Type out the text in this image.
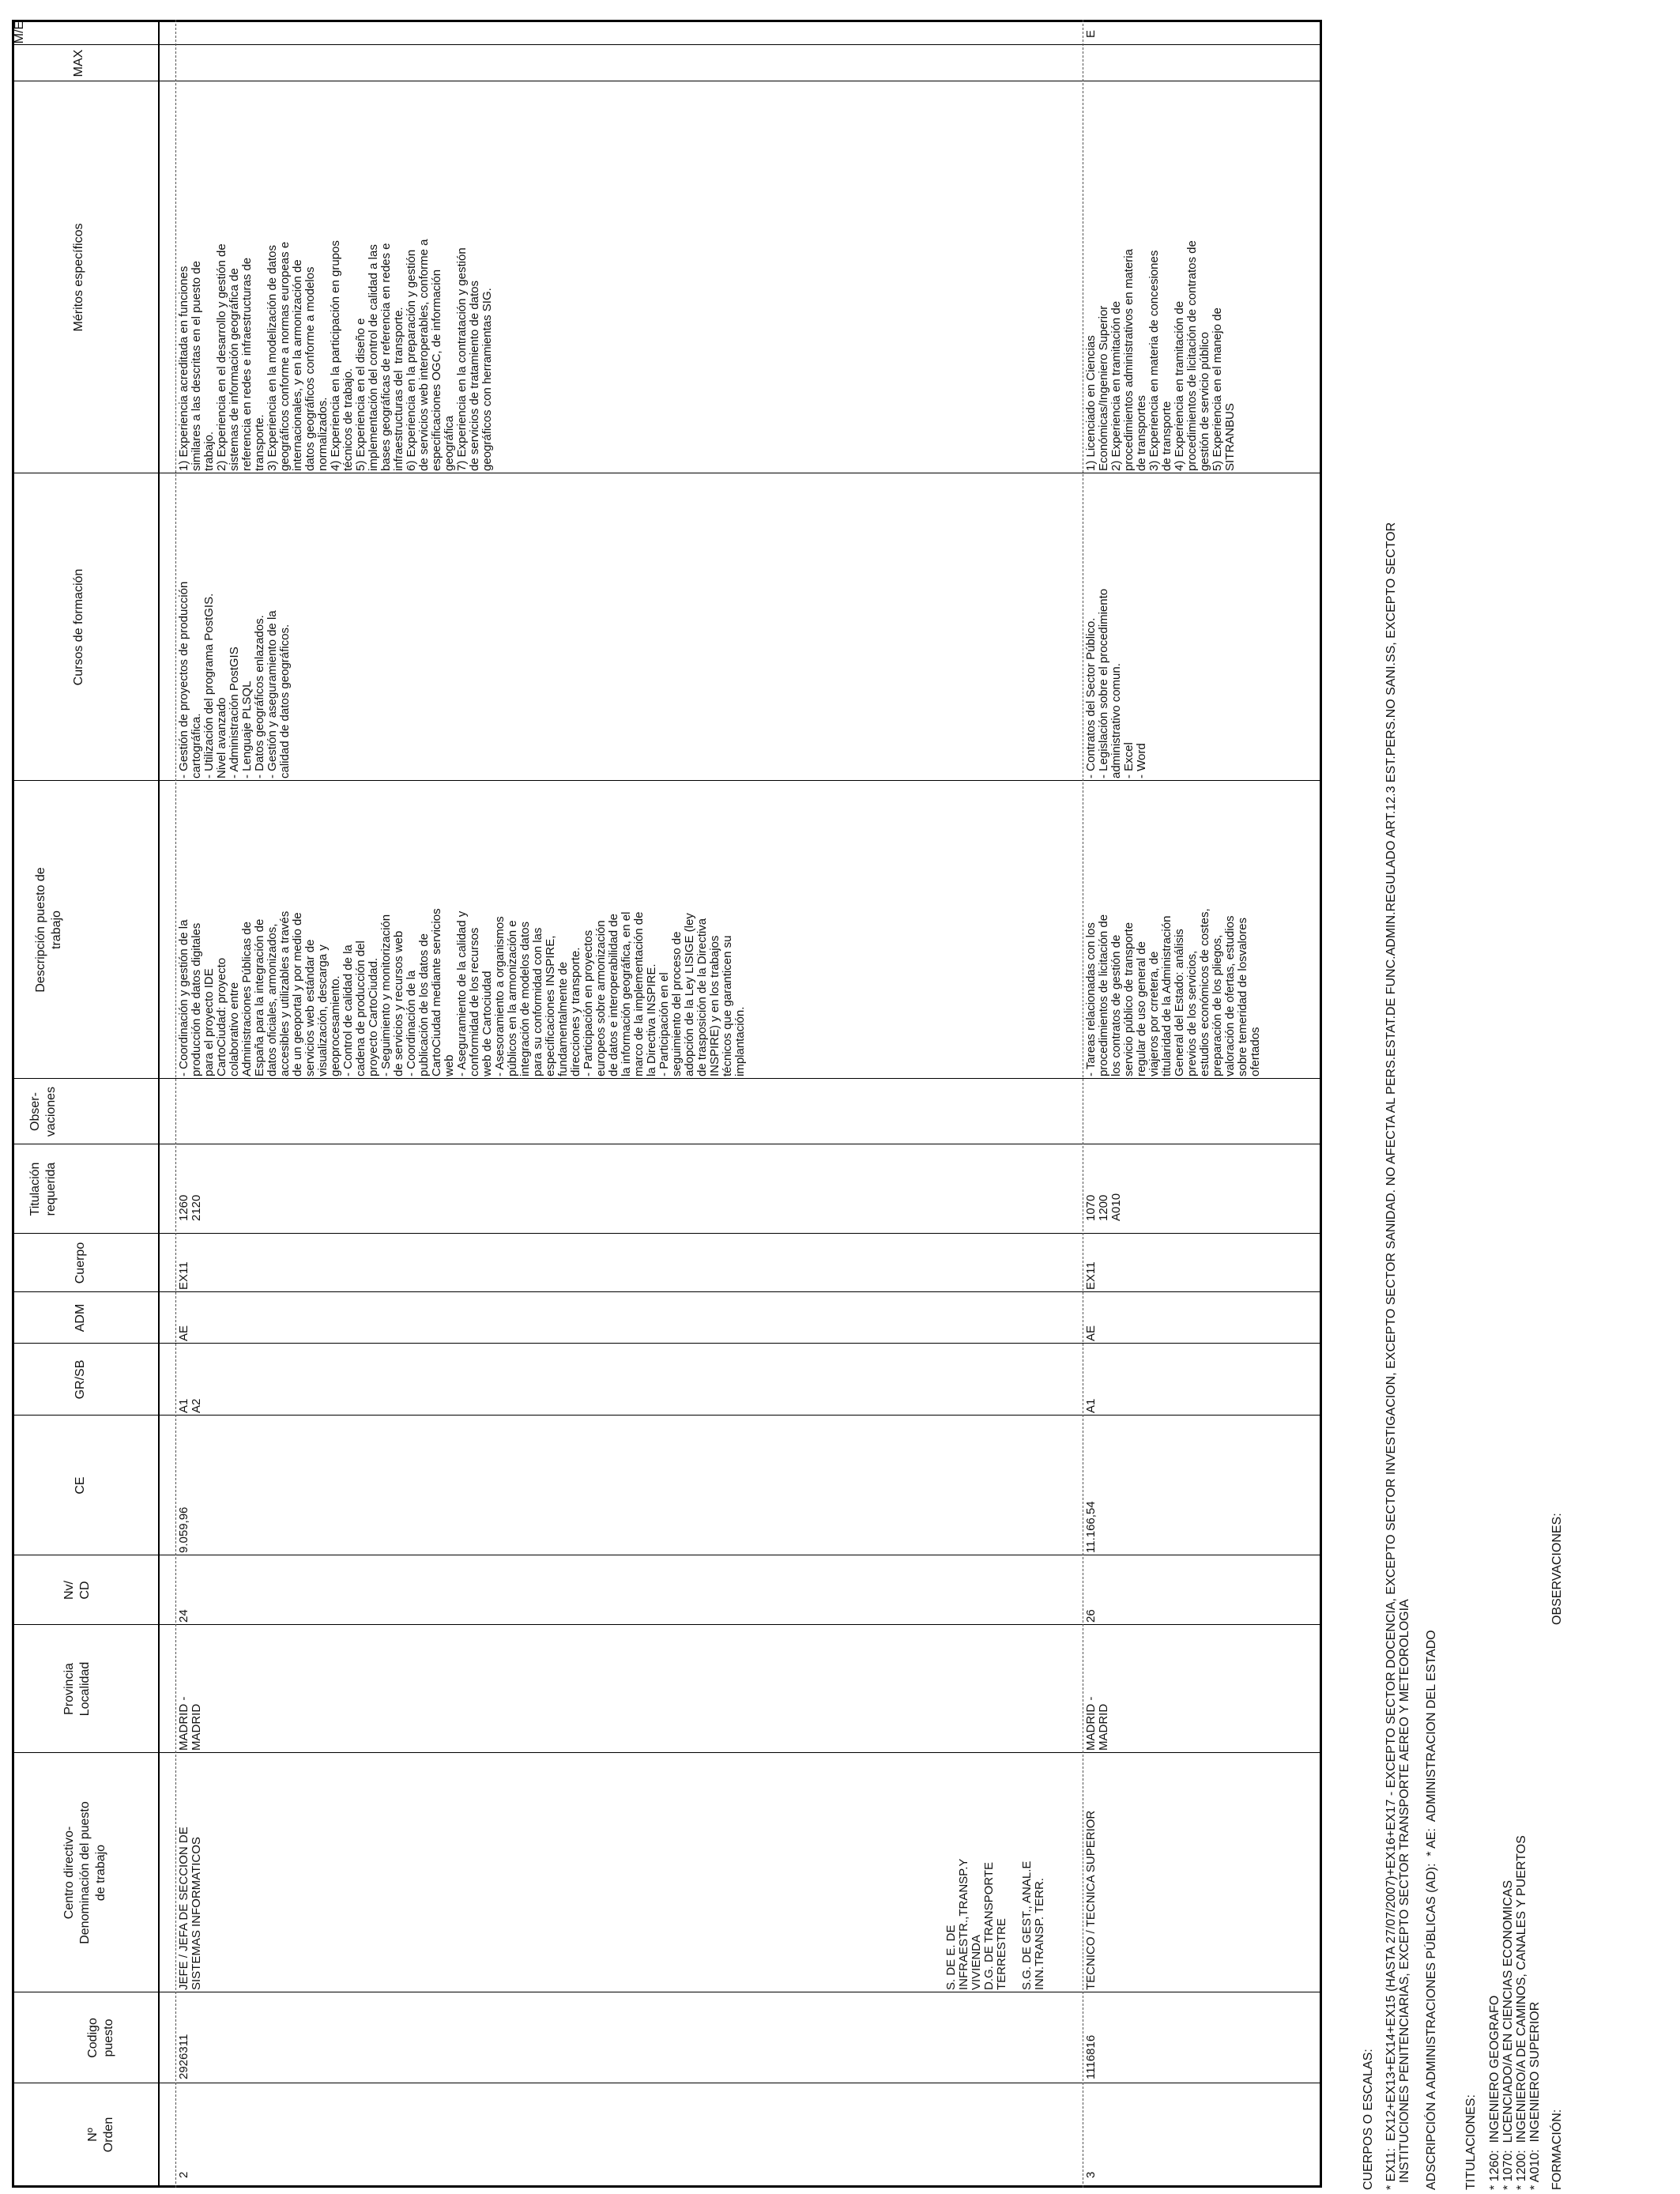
Nº
Orden
Codigo
puesto
Centro directivo-
Denominación del puesto
de trabajo
Provincia
Localidad
Nv/
CD
CE
GR/SB
ADM
Cuerpo
Titulación
requerida
Obser-
vaciones
Descripción puesto de
trabajo
Cursos de formación
Méritos específicos
MAX
M/E
2
2926311
JEFE / JEFA DE SECCION DE
SISTEMAS INFORMATICOS
MADRID -
MADRID
24
9.059,96
A1
A2
AE
EX11
1260
2120
- Coordinación y gestión de la
producción de datos digitales
para el proyecto IDE
CartoCiudad: proyecto
colaborativo entre
Administraciones Públicas de
España para la integración de
datos oficiales, armonizados,
accesibles y utilizables a través
de un geoportal y por medio de
servicios web estándar de
visualización, descarga y
geoprocesamiento.
- Control de calidad de la
cadena de producción del
proyecto CartoCiudad.
- Seguimiento y monitorización
de servicios y recursos web
- Coordinación de la
publicación de los datos de
CartoCiudad mediante servicios
web
- Aseguramiento de la calidad y
conformidad de los recursos
web de Cartociudad
- Asesoramiento a organismos
públicos en la armonización e
integración de modelos datos
para su conformidad con las
especificaciones INSPIRE,
fundamentalmente de
direcciones y transporte.
- Participación en proyectos
europeos sobre armonización
de datos e interoperabilidad de
la información geográfica, en el
marco de la implementación de
la Directiva INSPIRE.
- Participación en el
seguimiento del proceso de
adopción de la Ley LISIGE (ley
de trasposición de la Directiva
INSPIRE) y en los trabajos
técnicos que garanticen su
implantación.
- Gestión de proyectos de producción
cartográfica.
- Utilización del programa PostGIS.
Nivel avanzado
- Administración PostGIS
- Lenguaje PLSQL
- Datos geográficos enlazados.
- Gestión y aseguramiento de la
calidad de datos geográficos.
1) Experiencia acreditada en funciones
similares a las descritas en el puesto de
trabajo.
2) Experiencia en el desarrollo y gestión de
sistemas de información geográfica de
referencia en redes e infraestructuras de
transporte.
3) Experiencia en la modelización de datos
geográficos conforme a normas europeas e
internacionales, y en la armonización de
datos geográficos conforme a modelos
normalizados.
4) Experiencia en la participación en grupos
técnicos de trabajo.
5) Experiencia en el diseño e
implementación del control de calidad a las
bases geográficas de referencia en redes e
infraestructuras del  transporte.
6) Experiencia en la preparación y gestión
de servicios web interoperables, conforme a
especificaciones OGC, de información
geográfica
7) Experiencia en la contratación y gestión
de servicios de tratamiento de datos
geográficos con herramientas SIG.
S. DE E. DE
INFRAESTR.,TRANSP.Y
VIVIENDA
D.G. DE TRANSPORTE
TERRESTRE

S.G. DE GEST., ANAL.E
INN.TRANSP. TERR.
3
1116816
TECNICO / TECNICA SUPERIOR
MADRID -
MADRID
26
11.166,54
A1
AE
EX11
1070
1200
A010
- Tareas relacionadas con los
procedimientos de licitación de
los contratos de gestión de
servicio público de transporte
regular de uso general de
viajeros por crretera, de
titularidad de la Administración
General del Estado: análisis
previos de los servicios,
estudios económicos de costes,
preparación de los pliegos,
valoración de ofertas, estudios
sobre temeridad de losvalores
ofertados
- Contratos del Sector Público.
- Legislación sobre el procedimiento
administrativo comun.
- Excel
- Word
1) Licenciado en Ciencias
Económicas/Ingeniero Superior
2) Experiencia en tramitación de
procedimientos administrativos en materia
de transportes
3) Experiencia en materia de concesiones
de transporte
4) Experiencia en tramitación de
procedimientos de licitación de contratos de
gestión de servicio público
5) Experiencia en el manejo de
SITRANBUS
E
CUERPOS O ESCALAS: * EX11:  EX12+EX13+EX14+EX15 (HASTA 27/07/2007)+EX16+EX17 - EXCEPTO SECTOR DOCENCIA, EXCEPTO SECTOR INVESTIGACION, EXCEPTO SECTOR SANIDAD. NO AFECTA AL PERS.ESTAT.DE FUNC.ADMIN.REGULADO ART.12.3 EST.PERS.NO SANI.SS, EXCEPTO SECTOR
INSTITUCIONES PENITENCIARIAS, EXCEPTO SECTOR TRANSPORTE AEREO Y METEOROLOGIA ADSCRIPCIÓN A ADMINISTRACIONES PÚBLICAS (AD):  * AE:  ADMINISTRACION DEL ESTADO TITULACIONES: * 1260:  INGENIERO GEOGRAFO
* 1070:  LICENCIADO/A EN CIENCIAS ECONOMICAS
* 1200:  INGENIERO/A DE CAMINOS, CANALES Y PUERTOS
* A010:  INGENIERO SUPERIOR
FORMACIÓN:
OBSERVACIONES:
